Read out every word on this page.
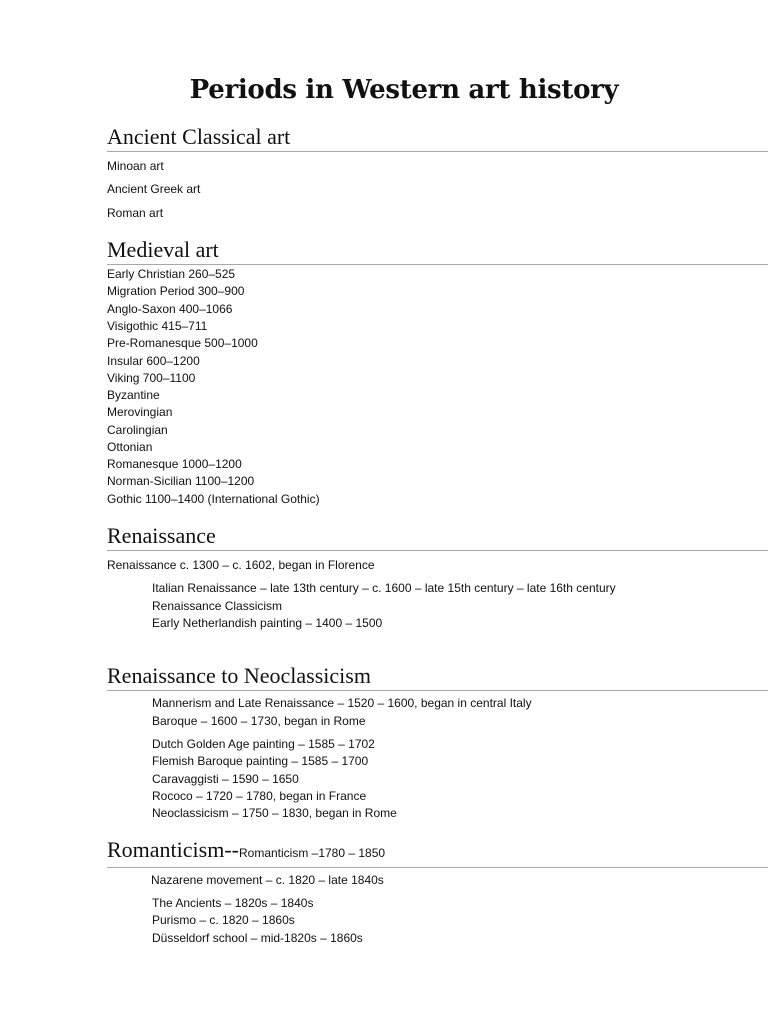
Periods in Western art history
Ancient Classical art

Minoan art

Ancient Greek art

Roman art

Medieval art

Early Christian 260–525

Migration Period 300–900

Anglo-Saxon 400–1066

Visigothic 415–711

Pre-Romanesque 500–1000

Insular 600–1200

Viking 700–1100

Byzantine

Merovingian

Carolingian

Ottonian

Romanesque 1000–1200

Norman-Sicilian 1100–1200

Gothic 1100–1400 (International Gothic)

Renaissance

Renaissance c. 1300 – c. 1602, began in Florence

Italian Renaissance – late 13th century – c. 1600 – late 15th century – late 16th century

Renaissance Classicism

Early Netherlandish painting – 1400 – 1500

Renaissance to Neoclassicism

Mannerism and Late Renaissance – 1520 – 1600, began in central Italy

Baroque – 1600 – 1730, began in Rome

Dutch Golden Age painting – 1585 – 1702

Flemish Baroque painting – 1585 – 1700

Caravaggisti – 1590 – 1650

Rococo – 1720 – 1780, began in France

Neoclassicism – 1750 – 1830, began in Rome

Romanticism--Romanticism –1780 – 1850

Nazarene movement – c. 1820 – late 1840s

The Ancients – 1820s – 1840s

Purismo – c. 1820 – 1860s

Düsseldorf school – mid-1820s – 1860s
